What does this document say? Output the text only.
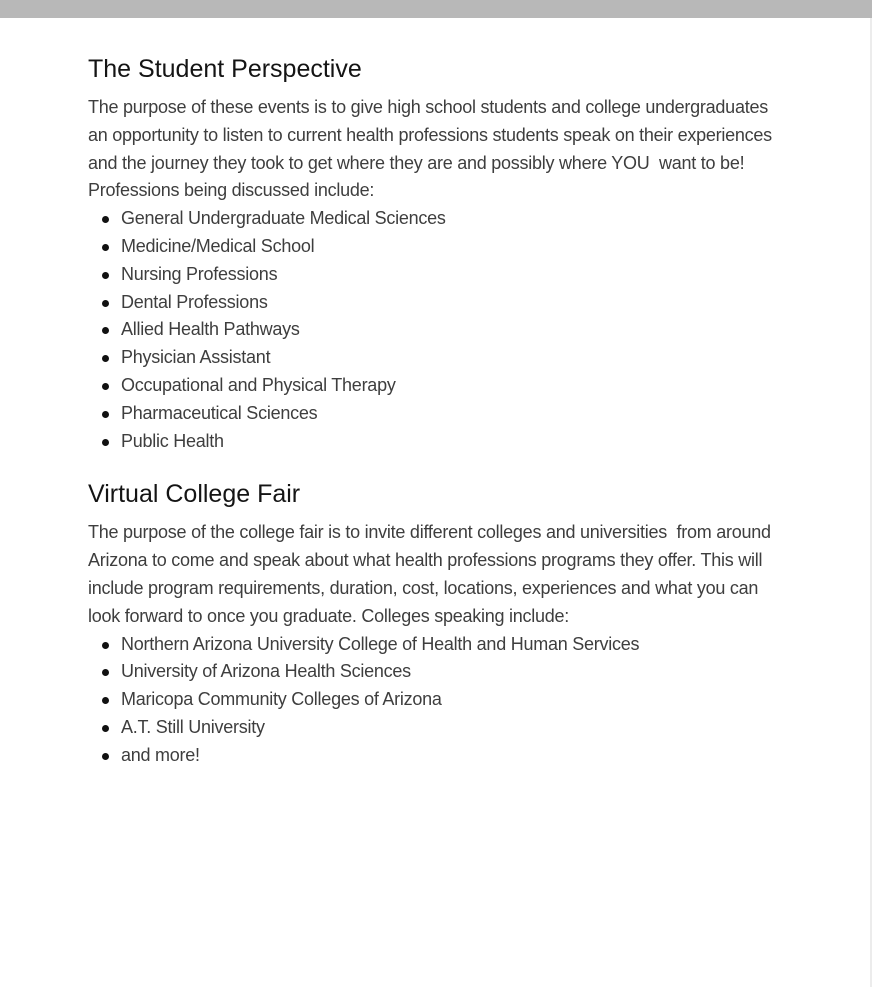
The Student Perspective

The purpose of these events is to give high school students and college undergraduates an opportunity to listen to current health professions students speak on their experiences and the journey they took to get where they are and possibly where YOU  want to be! Professions being discussed include:

General Undergraduate Medical Sciences
Medicine/Medical School
Nursing Professions
Dental Professions
Allied Health Pathways
Physician Assistant
Occupational and Physical Therapy
Pharmaceutical Sciences
Public Health
Virtual College Fair

The purpose of the college fair is to invite different colleges and universities  from around Arizona to come and speak about what health professions programs they offer. This will include program requirements, duration, cost, locations, experiences and what you can look forward to once you graduate. Colleges speaking include:

Northern Arizona University College of Health and Human Services
University of Arizona Health Sciences
Maricopa Community Colleges of Arizona
A.T. Still University
and more!
